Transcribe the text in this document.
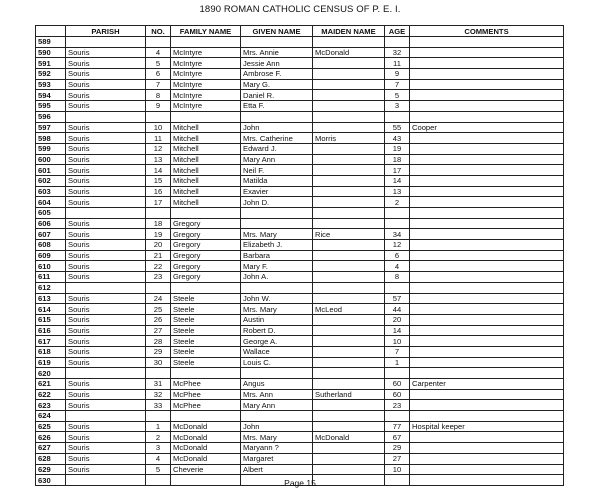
1890 ROMAN CATHOLIC CENSUS OF P. E. I.
	PARISH	NO.	FAMILY NAME	GIVEN NAME	MAIDEN NAME	AGE	COMMENTS
589							
590	Souris	4	McIntyre	Mrs. Annie	McDonald	32	
591	Souris	5	McIntyre	Jessie Ann		11	
592	Souris	6	McIntyre	Ambrose F.		9	
593	Souris	7	McIntyre	Mary G.		7	
594	Souris	8	McIntyre	Daniel R.		5	
595	Souris	9	McIntyre	Etta F.		3	
596							
597	Souris	10	Mitchell	John		55	Cooper
598	Souris	11	Mitchell	Mrs. Catherine	Morris	43	
599	Souris	12	Mitchell	Edward J.		19	
600	Souris	13	Mitchell	Mary Ann		18	
601	Souris	14	Mitchell	Neil F.		17	
602	Souris	15	Mitchell	Matilda		14	
603	Souris	16	Mitchell	Exavier		13	
604	Souris	17	Mitchell	John D.		2	
605							
606	Souris	18	Gregory				
607	Souris	19	Gregory	Mrs. Mary	Rice	34	
608	Souris	20	Gregory	Elizabeth J.		12	
609	Souris	21	Gregory	Barbara		6	
610	Souris	22	Gregory	Mary F.		4	
611	Souris	23	Gregory	John A.		8	
612							
613	Souris	24	Steele	John W.		57	
614	Souris	25	Steele	Mrs. Mary	McLeod	44	
615	Souris	26	Steele	Austin		20	
616	Souris	27	Steele	Robert D.		14	
617	Souris	28	Steele	George A.		10	
618	Souris	29	Steele	Wallace		7	
619	Souris	30	Steele	Louis C.		1	
620							
621	Souris	31	McPhee	Angus		60	Carpenter
622	Souris	32	McPhee	Mrs. Ann	Sutherland	60	
623	Souris	33	McPhee	Mary Ann		23	
624							
625	Souris	1	McDonald	John		77	Hospital keeper
626	Souris	2	McDonald	Mrs. Mary	McDonald	67	
627	Souris	3	McDonald	Maryann ?		29	
628	Souris	4	McDonald	Margaret		27	
629	Souris	5	Cheverie	Albert		10	
630								Page 15
